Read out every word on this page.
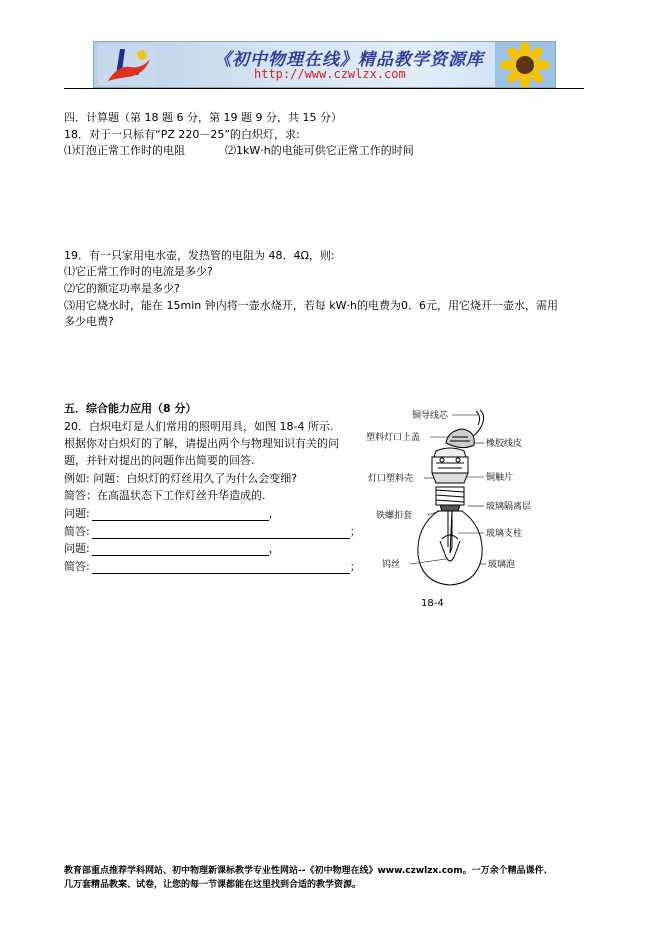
《初中物理在线》精品教学资源库
http://www.czwlzx.com
四．计算题（第 18 题 6 分，第 19 题 9 分，共 15 分）
18．对于一只标有“PZ 220－25”的白炽灯，求:
⑴灯泡正常工作时的电阻	⑵1kW·h的电能可供它正常工作的时间
19．有一只家用电水壶，发热管的电阻为 48．4Ω，则:
⑴它正常工作时的电流是多少?
⑵它的额定功率是多少?
⑶用它烧水时，能在 15min 钟内将一壶水烧开，若每 kW·h的电费为0．6元，用它烧开一壶水，需用
多少电费?
五．综合能力应用（8 分）
20．白炽电灯是人们常用的照明用具，如图 18-4 所示.
根据你对白炽灯的了解，请提出两个与物理知识有关的问
题，并针对提出的问题作出简要的回答.
例如: 问题：白炽灯的灯丝用久了为什么会变细?
简答：在高温状态下工作灯丝升华造成的.
问题:	，
简答:	；
问题:	，
简答:	；
铜导线芯
塑料灯口上盖
橡胶线皮
灯口塑料壳	铜触片
玻璃隔离层
铁螺扣套
玻璃支柱
钨丝	玻璃泡
18-4
教育部重点推荐学科网站、初中物理新课标教学专业性网站--《初中物理在线》www.czwlzx.com。一万余个精品课件、
几万套精品教案、试卷，让您的每一节课都能在这里找到合适的教学资源。
